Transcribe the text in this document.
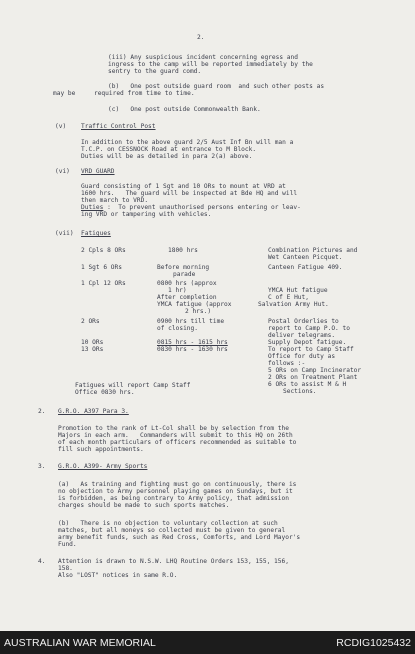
2.
(iii) Any suspicious incident concerning egress and
ingress to the camp will be reported immediately by the
sentry to the guard comd.
(b)   One post outside guard room  and such other posts as
may be     required from time to time.
(c)   One post outside Commonwealth Bank.
(v) Traffic Control Post
In addition to the above guard 2/5 Aust Inf Bn will man a
T.C.P. on CESSNOCK Road at entrance to M Block.
Duties will be as detailed in para 2(a) above.
(vi) VRD GUARD
Guard consisting of 1 Sgt and 10 ORs to mount at VRD at
1600 hrs.   The guard will be inspected at Bde HQ and will
then march to VRD.
Duties :  To prevent unauthorised persons entering or leav-
ing VRD or tampering with vehicles.
(vii) Fatigues
2 Cpls 8 ORs	1800 hrs	Combination Pictures and
Wet Canteen Picquet.
1 Sgt 6 ORs	Before morning	Canteen Fatigue 409.
parade
1 Cpl 12 ORs	0800 hrs (approx
1 hr)	YMCA Hut fatigue
After completion	C of E Hut,
YMCA fatigue (approx	Salvation Army Hut.
2 hrs.)
2 ORs	0900 hrs till time	Postal Orderlies to
of closing.	report to Camp P.O. to
deliver telegrams.
10 ORs	0815 hrs - 1615 hrs	Supply Depot fatigue.
13 ORs	0830 hrs - 1630 hrs	To report to Camp Staff
Office for duty as
follows :-
5 ORs on Camp Incinerator
2 ORs on Treatment Plant
6 ORs to assist M & H
Sections.
Fatigues will report Camp Staff
Office 0830 hrs.
2. G.R.O. A397 Para 3.
Promotion to the rank of Lt-Col shall be by selection from the
Majors in each arm.   Commanders will submit to this HQ on 26th
of each month particulars of officers recommended as suitable to
fill such appointments.
3. G.R.O. A399- Army Sports
(a)   As training and fighting must go on continuously, there is
no objection to Army personnel playing games on Sundays, but it
is forbidden, as being contrary to Army policy, that admission
charges should be made to such sports matches.
(b)   There is no objection to voluntary collection at such
matches, but all moneys so collected must be given to general
army benefit funds, such as Red Cross, Comforts, and Lord Mayor's
Fund.
4. Attention is drawn to N.S.W. LHQ Routine Orders 153, 155, 156,
158.
Also "LOST" notices in same R.O.
AUSTRALIAN WAR MEMORIAL	RCDIG1025432
